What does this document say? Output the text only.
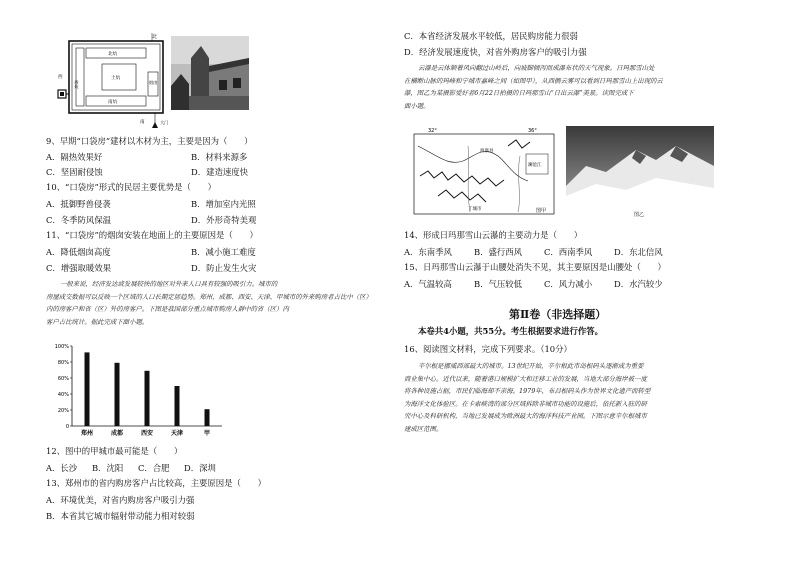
北
北炕
西炕
土炕
南炕
烟囱
西
南	大门
9、早期“口袋房”建材以木材为主，主要是因为（　　）
A．隔热效果好	B．材料来源多
C．坚固耐侵蚀	D．建造速度快
10、“口袋房”形式的民居主要优势是（　　）
A．抵御野兽侵袭	B．增加室内光照
C．冬季防风保温	D．外形奇特美观
11、“口袋房”的烟囱安装在地面上的主要原因是（　　）
A．降低烟囱高度	B．减小施工难度
C．增强取暖效果	D．防止发生火灾
一般来说，经济发达或发展较快的地区对外来人口具有较强的吸引力。城市的
房屋成交数据可以反映一个区域的人口长期定居趋势。郑州、成都、西安、天津、甲城市的外来购房者占比中（区）
内的房客户和省（区）外的房客户。下图是我国部分重点城市购房人群中的省（区）内
客户占比统计。据此完成下面小题。
0
20%
40%
60%
80%
100%
郑州	成都	西安	天津	甲
12、图中的甲城市最可能是（　　）
A．长沙 B．沈阳 C．合肥 D．深圳
13、郑州市的省内购房客户占比较高，主要原因是（　　）
A．环境优美，对省内购房客户吸引力强
B．本省其它城市辐射带动能力相对较弱
C．本省经济发展水平较低，居民购房能力很弱
D．经济发展速度快，对省外购房客户的吸引力强
云瀑是云体顺着风向翻过山岭后，向坡脚倾泻而成瀑布状的天气现象。日玛那雪山处
在横断山脉的玛峰和宁城市嘉峰之间（如图甲），从西侧云雾可以看到日玛那雪山上出现的云
瀑，图乙为某摄影爱好者6月22日拍摄的日玛那雪山“日出云瀑”美景。读图完成下
面小题。
32°	36°
西康县
澜沧江
丁城市	图甲
图乙
14、形成日玛那雪山云瀑的主要动力是（　　）
A．东南季风	B．盛行西风	C．西南季风	D．东北信风
15、日玛那雪山云瀑于山腰处消失不见，其主要原因是山腰处（　　）
A．气温较高	B．气压较低	C．风力减小	D．水汽较少
第Ⅱ卷（非选择题）
本卷共4小题，共55分。考生根据要求进行作答。
16、阅读图文材料，完成下列要求。（10分）
辛尔根是挪威西部最大的城市。13世纪开始，辛尔根此市岛根码头逐渐成为重要
商业集中心。近代以来，随着港口规模扩大和迁移工业的发展，当地大部分海岸被一度
将各种设施占据，市民们临海却不亲海。1979年，布吕根码头作为世界文化遗产而转型
为海洋文化体验区。在卡索峡湾的部分区域拆除非城市功能的设施后，依托新入驻的研
究中心及科研机构，当地已发展成为欧洲最大的海洋科技产业园。下图示意辛尔根城市
建成区范围。
